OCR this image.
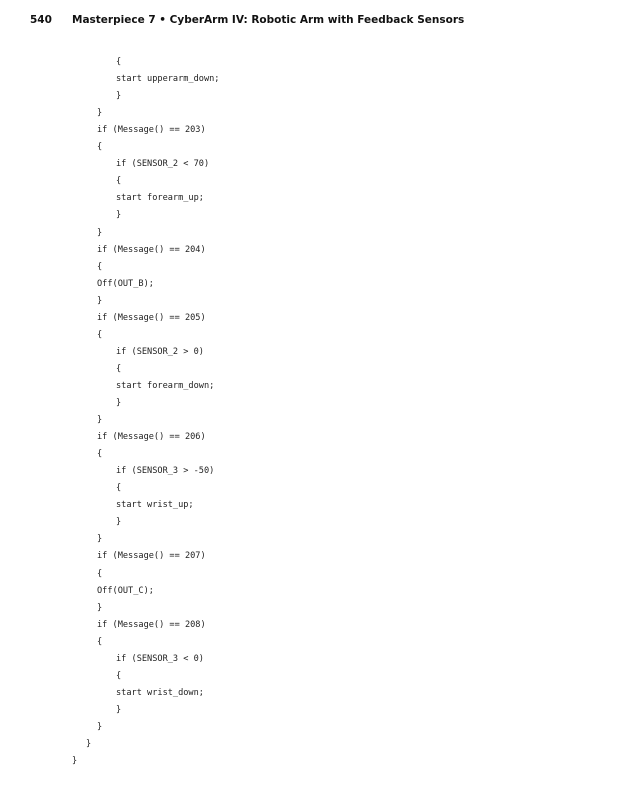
540 Masterpiece 7 • CyberArm IV: Robotic Arm with Feedback Sensors
{
start upperarm_down;
}
}
if (Message() == 203)
{
if (SENSOR_2 < 70)
{
start forearm_up;
}
}
if (Message() == 204)
{
Off(OUT_B);
}
if (Message() == 205)
{
if (SENSOR_2 > 0)
{
start forearm_down;
}
}
if (Message() == 206)
{
if (SENSOR_3 > -50)
{
start wrist_up;
}
}
if (Message() == 207)
{
Off(OUT_C);
}
if (Message() == 208)
{
if (SENSOR_3 < 0)
{
start wrist_down;
}
}
}
}
